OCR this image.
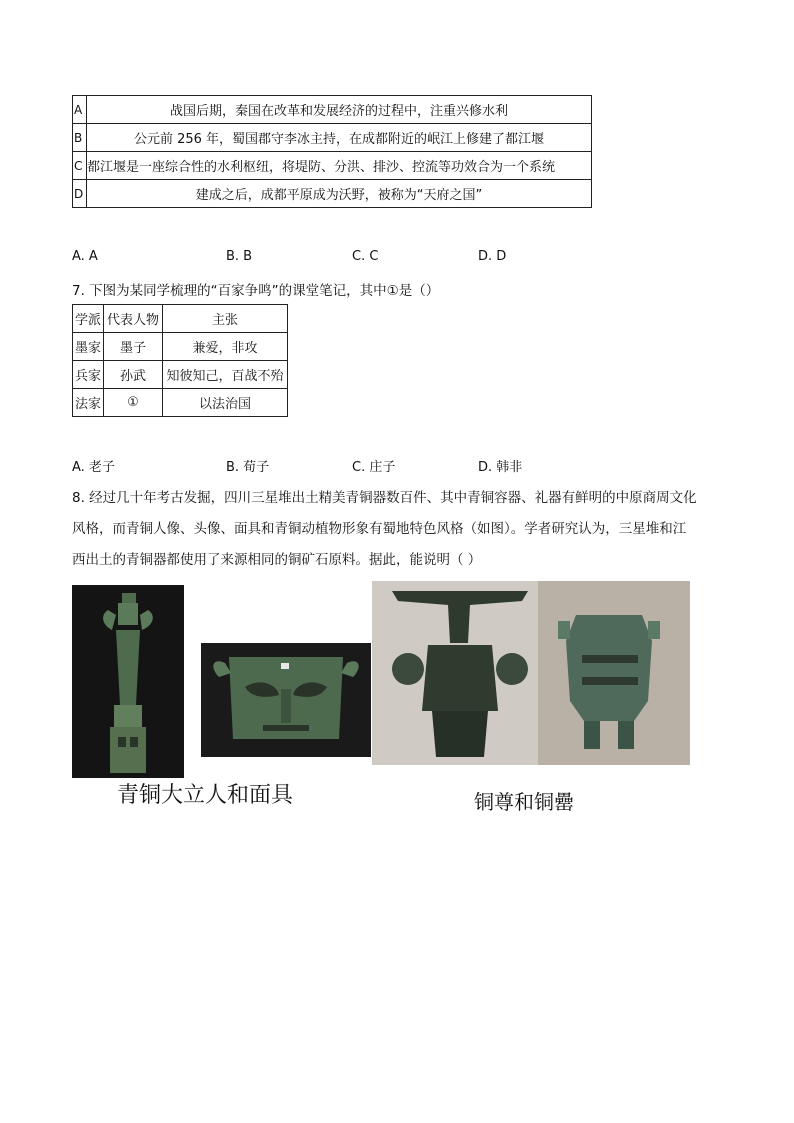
A	战国后期，秦国在改革和发展经济的过程中，注重兴修水利
B	公元前 256 年，蜀国郡守李冰主持，在成都附近的岷江上修建了都江堰
C	都江堰是一座综合性的水利枢纽，将堤防、分洪、排沙、控流等功效合为一个系统
D	建成之后，成都平原成为沃野，被称为“天府之国”
A. A	B. B	C. C	D. D
7. 下图为某同学梳理的“百家争鸣”的课堂笔记，其中①是（）
学派	代表人物	主张
墨家	墨子	兼爱，非攻
兵家	孙武	知彼知己，百战不殆
法家	①	以法治国
A. 老子	B. 荀子	C. 庄子	D. 韩非
8. 经过几十年考古发掘，四川三星堆出土精美青铜器数百件、其中青铜容器、礼器有鲜明的中原商周文化
风格，而青铜人像、头像、面具和青铜动植物形象有蜀地特色风格（如图）。学者研究认为，三星堆和江
西出土的青铜器都使用了来源相同的铜矿石原料。据此，能说明（ ）
青铜大立人和面具	铜尊和铜罍
